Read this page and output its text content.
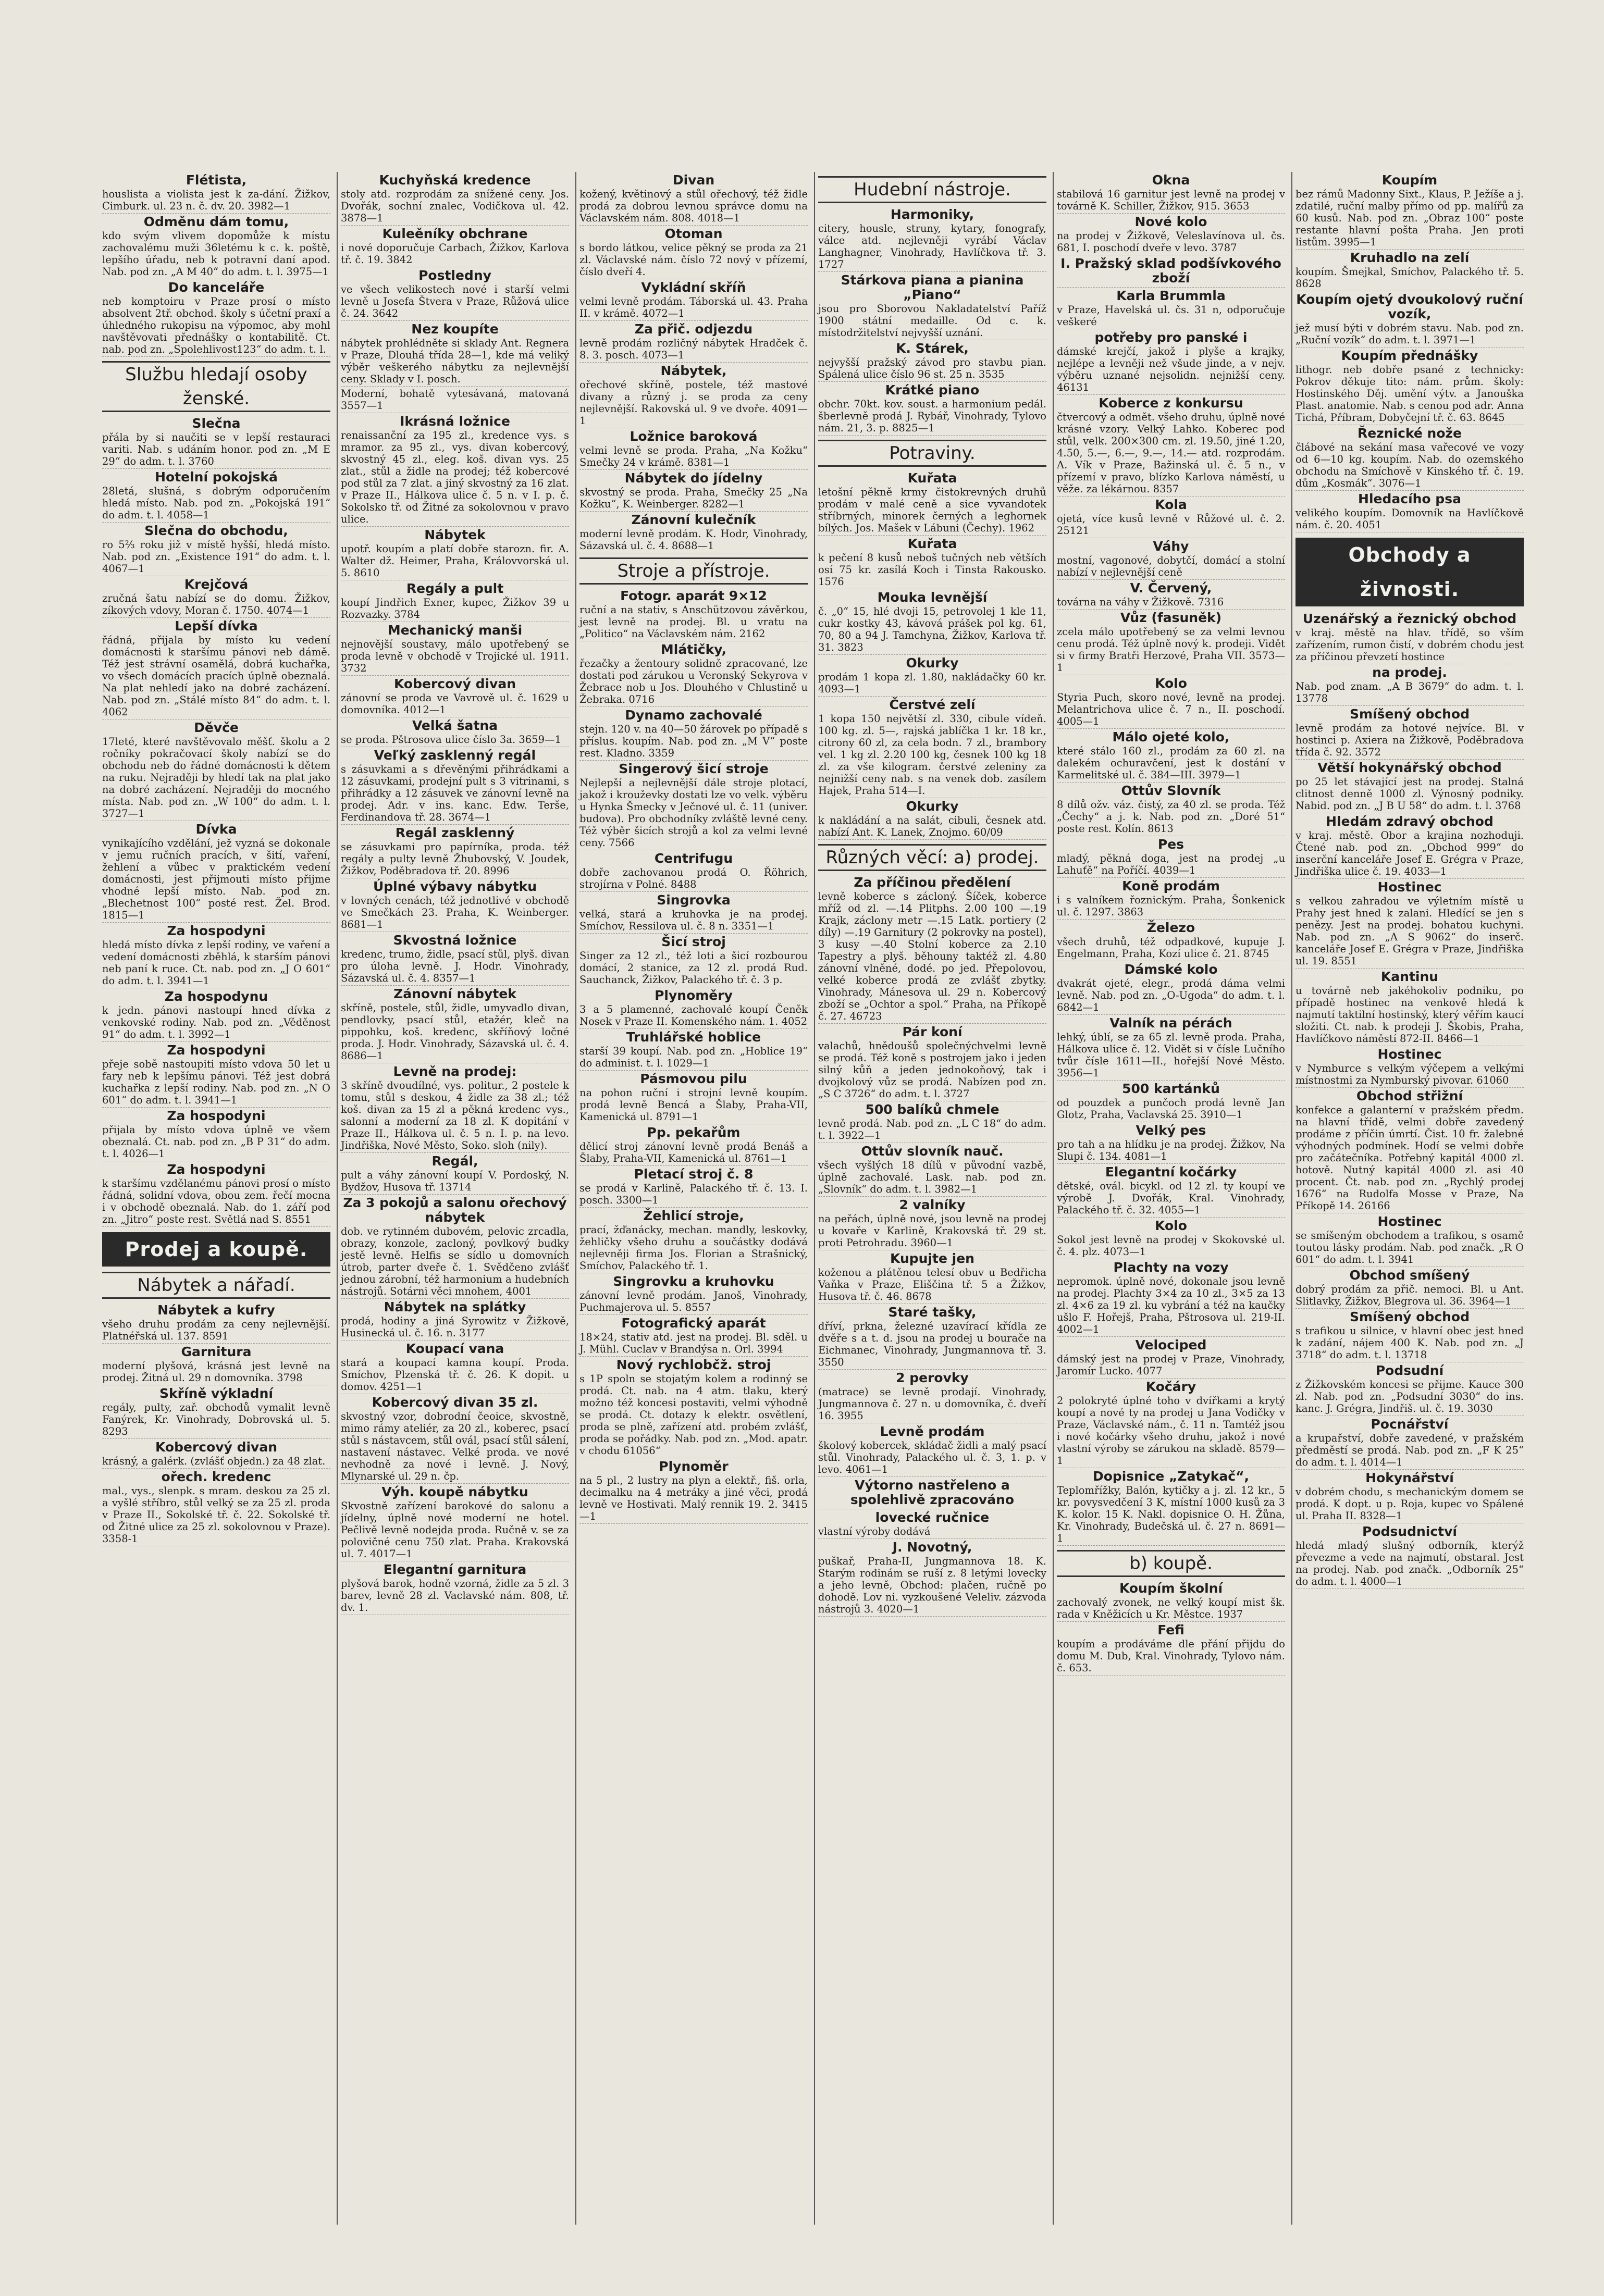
Flétista,

houslista a violista jest k za-dání. Žižkov, Cimburk. ul. 23 n. č. dv. 20. 3982—1

Odměnu dám tomu,

kdo svým vlivem dopomůže k místu zachovalému muži 36letému k c. k. poště, lepšího úřadu, neb k potravní daní apod. Nab. pod zn. „A M 40“ do adm. t. l. 3975—1

Do kanceláře

neb komptoiru v Praze prosí o místo absolvent 2tř. obchod. školy s účetní praxí a úhledného rukopisu na výpomoc, aby mohl navštěvovati přednášky o kontabilitě. Ct. nab. pod zn. „Spolehlivost123“ do adm. t. l.

Službu hledají osoby ženské.
Slečna

přála by si naučiti se v lepší restauraci variti. Nab. s udáním honor. pod zn. „M E 29“ do adm. t. l. 3760

Hotelní pokojská

28letá, slušná, s dobrým odporučením hledá místo. Nab. pod zn. „Pokojská 191“ do adm. t. l. 4058—1

Slečna do obchodu,

ro 5⅔ roku již v místě hyšší, hledá místo. Nab. pod zn. „Existence 191“ do adm. t. l. 4067—1

Krejčová

zručná šatu nabízí se do domu. Žižkov, zíkových vdovy, Moran č. 1750. 4074—1

Lepší dívka

řádná, přijala by místo ku vedení domácnosti k staršímu pánovi neb dámě. Též jest strávní osamělá, dobrá kuchařka, vo všech domácích pracích úplně obeznalá. Na plat nehledí jako na dobré zacházení. Nab. pod zn. „Stálé místo 84“ do adm. t. l. 4062

Děvče

17leté, které navštěvovalo měšť. školu a 2 ročníky pokračovací školy nabízí se do obchodu neb do řádné domácnosti k dětem na ruku. Nejraději by hledí tak na plat jako na dobré zacházení. Nejraději do mocného místa. Nab. pod zn. „W 100“ do adm. t. l. 3727—1

Dívka

vynikajícího vzdělání, jež vyzná se dokonale v jemu ručních pracích, v šití, vaření, žehlení a vůbec v praktickém vedení domácnosti, jest přijmouti místo přijme vhodné lepší místo. Nab. pod zn. „Blechetnost 100“ posté rest. Žel. Brod. 1815—1

Za hospodyni

hledá místo dívka z lepší rodiny, ve vaření a vedení domácnosti zběhlá, k starším pánovi neb paní k ruce. Ct. nab. pod zn. „J O 601“ do adm. t. l. 3941—1

Za hospodynu

k jedn. pánovi nastoupí hned dívka z venkovské rodiny. Nab. pod zn. „Věděnost 91“ do adm. t. l. 3992—1

Za hospodyni

přeje sobě nastoupiti místo vdova 50 let u fary neb k lepšímu pánovi. Též jest dobrá kuchařka z lepší rodiny. Nab. pod zn. „N O 601“ do adm. t. l. 3941—1

Za hospodyni

přijala by místo vdova úplně ve všem obeznalá. Ct. nab. pod zn. „B P 31“ do adm. t. l. 4026—1

Za hospodyni

k staršímu vzdělanému pánovi prosí o místo řádná, solidní vdova, obou zem. řečí mocna i v obchodě obeznalá. Nab. do 1. září pod zn. „Jitro“ poste rest. Světlá nad S. 8551

Prodej a koupě.
Nábytek a nářadí.
Nábytek a kufry

všeho druhu prodám za ceny nejlevnější. Platnéřská ul. 137. 8591

Garnitura

moderní plyšová, krásná jest levně na prodej. Žitná ul. 29 n domovníka. 3798

Skříně výkladní

regály, pulty, zař. obchodů vymalit levně Fanýrek, Kr. Vinohrady, Dobrovská ul. 5. 8293

Kobercový divan

krásný, a galérk. (zvlášť objedn.) za 48 zlat.

ořech. kredenc

mal., vys., slenpk. s mram. deskou za 25 zl. a vyšlé stříbro, stůl velký se za 25 zl. proda v Praze II., Sokolské tř. č. 22. Sokolské tř. od Žitné ulice za 25 zl. sokolovnou v Praze). 3358-1

Kuchyňská kredence

stoly atd. rozprodám za snížené ceny. Jos. Dvořák, sochní znalec, Vodičkova ul. 42. 3878—1

Kuleěníky obchrane

i nové doporučuje Carbach, Žižkov, Karlova tř. č. 19. 3842

Postledny

ve všech velikostech nové i starší velmi levně u Josefa Štvera v Praze, Růžová ulice č. 24. 3642

Nez koupíte

nábytek prohlédněte si sklady Ant. Regnera v Praze, Dlouhá třída 28—1, kde má veliký výběr veškerého nábytku za nejlevnější ceny. Sklady v I. posch.

Moderní, bohatě vytesávaná, matovaná 3557—1

Ikrásná ložnice

renaissanční za 195 zl., kredence vys. s mramor. za 95 zl., vys. divan kobercový, skvostný 45 zl., eleg. koš. divan vys. 25 zlat., stůl a židle na prodej; též kobercové pod stůl za 7 zlat. a jiný skvostný za 16 zlat. v Praze II., Hálkova ulice č. 5 n. v I. p. č. Sokolsko tř. od Žitné za sokolovnou v pravo ulice.

Nábytek

upotř. koupím a platí dobře starozn. fir. A. Walter dž. Heimer, Praha, Královvorská ul. 5. 8610

Regály a pult

koupí Jindřich Exner, kupec, Žižkov 39 u Rozvazky. 3784

Mechanický manši

nejnovější soustavy, málo upotřebený se proda levně v obchodě v Trojické ul. 1911. 3732

Kobercový divan

zánovní se proda ve Vavrově ul. č. 1629 u domovníka. 4012—1

Velká šatna

se proda. Pštrosova ulice číslo 3a. 3659—1

Veľký zasklenný regál

s zásuvkami a s dřevěnými přihrádkami a 12 zásuvkami, prodejní pult s 3 vitrinami, s přihrádky a 12 zásuvek ve zánovní levně na prodej. Adr. v ins. kanc. Edw. Terše, Ferdinandova tř. 28. 3674—1

Regál zasklenný

se zásuvkami pro papírníka, proda. též regály a pulty levně Žhubovský, V. Joudek, Žižkov, Poděbradova tř. 20. 8996

Úplné výbavy nábytku

v lovných cenách, též jednotlivé v obchodě ve Smečkách 23. Praha, K. Weinberger. 8681—1

Skvostná ložnice

kredenc, trumo, židle, psací stůl, plyš. divan pro úloha levně. J. Hodr. Vinohrady, Sázavská ul. č. 4. 8357—1

Zánovní nábytek

skříně, postele, stůl, židle, umyvadlo divan, pendlovky, psací stůl, etažér, kleč na pippohku, koš. kredenc, skříňový ločné proda. J. Hodr. Vinohrady, Sázavská ul. č. 4. 8686—1

Levně na prodej:

3 skříně dvoudílné, vys. politur., 2 postele k tomu, stůl s deskou, 4 židle za 38 zl.; též koš. divan za 15 zl a pěkná kredenc vys., salonní a moderní za 18 zl. K dopitání v Praze II., Hálkova ul. č. 5 n. I. p. na levo. Jindřiška, Nové Město, Soko. sloh (nily).

Regál,

pult a váhy zánovní koupí V. Pordoský, N. Bydžov, Husova tř. 13714

Za 3 pokojů a salonu ořechový nábytek

dob. ve rytinném dubovém, pelovic zrcadla, obrazy, konzole, zacloný, povlkový budky jestě levně. Helfis se sídlo u domovních útrob, parter dveře č. 1. Svědčeno zvlášť jednou zárobní, též harmonium a hudebních nástrojů. Sotárni věci mnohem, 4001

Nábytek na splátky

prodá, hodiny a jiná Syrowitz v Žižkově, Husinecká ul. č. 16. n. 3177

Koupací vana

stará a koupací kamna koupí. Proda. Smíchov, Plzenská tř. č. 26. K dopit. u domov. 4251—1

Kobercový divan 35 zl.

skvostný vzor, dobrodní čeoice, skvostně, mimo rámy ateliér, za 20 zl., koberec, psací stůl s nástavcem, stůl ovál, psací stůl sálení, nastavení nástavec. Velké proda. ve nové nevhodně za nové i levně. J. Nový, Mlynarské ul. 29 n. čp.

Výh. koupě nábytku

Skvostně zařízení barokové do salonu a jídelny, úplně nové moderní ne hotel. Pečlivě levně nodejda proda. Ručně v. se za polovičné cenu 750 zlat. Praha. Krakovská ul. 7. 4017—1

Elegantní garnitura

plyšová barok, hodně vzorná, židle za 5 zl. 3 barev, levně 28 zl. Vaclavské nám. 808, tř. dv. 1.

Divan

kožený, květinový a stůl ořechový, též židle prodá za dobrou levnou správce domu na Václavském nám. 808. 4018—1

Otoman

s bordo látkou, velice pěkný se proda za 21 zl. Václavské nám. číslo 72 nový v přízemí, číslo dveří 4.

Vykládní skříň

velmi levně prodám. Táborská ul. 43. Praha II. v krámě. 4072—1

Za přič. odjezdu

levně prodám rozličný nábytek Hradček č. 8. 3. posch. 4073—1

Nábytek,

ořechové skříně, postele, též mastové divany a různý j. se proda za ceny nejlevnější. Rakovská ul. 9 ve dvoře. 4091—1

Ložnice baroková

velmi levně se proda. Praha, „Na Kožku“ Smečky 24 v krámě. 8381—1

Nábytek do jídelny

skvostný se proda. Praha, Smečky 25 „Na Kožku“, K. Weinberger. 8282—1

Zánovní kulečník

moderní levně prodám. K. Hodr, Vinohrady, Sázavská ul. č. 4. 8688—1

Stroje a přístroje.
Fotogr. aparát 9×12

ruční a na stativ, s Anschützovou závěrkou, jest levně na prodej. Bl. u vratu na „Politico“ na Václavském nám. 2162

Mlátičky,

řezačky a žentoury solidně zpracované, lze dostati pod zárukou u Veronský Sekyrova v Žebrace nob u Jos. Dlouhého v Chlustině u Žebraka. 0716

Dynamo zachovalé

stejn. 120 v. na 40—50 žárovek po případě s příslus. koupím. Nab. pod zn. „M V“ poste rest. Kladno. 3359

Singerový šicí stroje

Nejlepší a nejlevnější dále stroje plotací, jakož i krouževky dostati lze vo velk. výběru u Hynka Šmecky v Ječnové ul. č. 11 (univer. budova). Pro obchodníky zvláště levné ceny. Též výběr šicích strojů a kol za velmi levné ceny. 7566

Centrifugu

dobře zachovanou prodá O. Řöhrich, strojírna v Polné. 8488

Singrovka

velká, stará a kruhovka je na prodej. Smíchov, Ressilova ul. č. 8 n. 3351—1

Šicí stroj

Singer za 12 zl., též loti a šicí rozbourou domácí, 2 stanice, za 12 zl. prodá Rud. Sauchanck, Žižkov, Palackého tř. č. 3 p.

Plynoměry

3 a 5 plamenné, zachovalé koupí Čeněk Nosek v Praze II. Komenského nám. 1. 4052

Truhlářské hoblice

starší 39 koupí. Nab. pod zn. „Hoblice 19“ do administ. t. l. 1029—1

Pásmovou pilu

na pohon ruční i strojní levně koupím. prodá levně Bencá a Šlaby, Praha-VII, Kamenická ul. 8791—1

Pp. pekařům

dělicí stroj zánovní levně prodá Benáš a Šlaby, Praha-VII, Kamenická ul. 8761—1

Pletací stroj č. 8

se prodá v Karlině, Palackého tř. č. 13. I. posch. 3300—1

Žehlicí stroje,

prací, žďanácky, mechan. mandly, leskovky, žehličky všeho druhu a součástky dodává nejlevněji firma Jos. Florian a Strašnický, Smíchov, Palackého tř. 1.

Singrovku a kruhovku

zánovní levně prodám. Janoš, Vinohrady, Puchmajerova ul. 5. 8557

Fotografický aparát

18×24, stativ atd. jest na prodej. Bl. sděl. u J. Mühl. Cuclav v Brandýsa n. Orl. 3994

Nový rychlobčž. stroj

s 1P spoln se stojatým kolem a rodinný se prodá. Ct. nab. na 4 atm. tlaku, který možno též koncesi postaviti, velmi výhodně se prodá. Ct. dotazy k elektr. osvětlení, proda se plně, zařízení atd. probém zvlášť, proda se pořádky. Nab. pod zn. „Mod. apatr. v chodu 61056“

Plynoměr

na 5 pl., 2 lustry na plyn a elektř., fiš. orla, decimalku na 4 metráky a jiné věci, prodá levně ve Hostivati. Malý rennik 19. 2. 3415—1

Hudební nástroje.
Harmoniky,

citery, housle, struny, kytary, fonografy, válce atd. nejlevněji vyrábí Václav Langhagner, Vinohrady, Havlíčkova tř. 3. 1727

Stárkova piana a pianina „Piano“

jsou pro Sborovou Nakladatelství Paříž 1900 státní medaille. Od c. k. místodržitelství nejvyšší uznání.

K. Stárek,

nejvyšší pražský závod pro stavbu pian. Spálená ulice číslo 96 st. 25 n. 3535

Krátké piano

obchr. 70kt. kov. soust. a harmonium pedál. šberlevně prodá J. Rybář, Vinohrady, Tylovo nám. 21, 3. p. 8825—1

Potraviny.
Kuřata

letošní pěkně krmy čistokrevných druhů prodám v malé ceně a sice vyvandotek stříbrných, minorek černých a leghornek bílých. Jos. Mašek v Lábuni (Čechy). 1962

Kuřata

k pečení 8 kusů neboš tučných neb větších osí 75 kr. zasílá Koch i Tinsta Rakousko. 1576

Mouka levnější

č. „0“ 15, hlé dvoji 15, petrovolej 1 kle 11, cukr kostky 43, kávová prášek pol kg. 61, 70, 80 a 94 J. Tamchyna, Žižkov, Karlova tř. 31. 3823

Okurky

prodám 1 kopa zl. 1.80, nakládačky 60 kr. 4093—1

Čerstvé zelí

1 kopa 150 největší zl. 330, cibule vídeň. 100 kg. zl. 5—, rajská jablíčka 1 kr. 18 kr., citrony 60 zl, za cela bodn. 7 zl., brambory vel. 1 kg zl. 2.20 100 kg, česnek 100 kg 18 zl. za vše kilogram. čerstvé zeleniny za nejnižší ceny nab. s na venek dob. zasílem Hajek, Praha 514—I.

Okurky

k nakládání a na salát, cibuli, česnek atd. nabízí Ant. K. Lanek, Znojmo. 60/09

Různých věcí: a) prodej.
Za příčinou předělení

levně koberce s zácloný. Šíček, koberce mříž od zl. —.14 Plitphs. 2.00 100 —.19 Krajk, záclony metr —.15 Latk. portiery (2 díly) —.19 Garnitury (2 pokrovky na postel), 3 kusy —.40 Stolní koberce za 2.10 Tapestry a plyš. běhouny taktéž zl. 4.80 zánovní vlněné, dodé. po jed. Přepolovou, velké koberce prodá ze zvlášť zbytky. Vinohrady, Mánesova ul. 29 n. Kobercový zboží se „Ochtor a spol.“ Praha, na Příkopě č. 27. 46723

Pár koní

valachů, hnědoušů společnýchvelmi levně se prodá. Též koně s postrojem jako i jeden silný kůň a jeden jednokoňový, tak i dvojkolový vůz se prodá. Nabízen pod zn. „S C 3726“ do adm. t. l. 3727

500 balíků chmele

levně prodá. Nab. pod zn. „L C 18“ do adm. t. l. 3922—1

Ottův slovník nauč.

všech vyšlých 18 dílů v původní vazbě, úplně zachovalé. Lask. nab. pod zn. „Slovník“ do adm. t. l. 3982—1

2 valníky

na peřách, úplně nové, jsou levně na prodej u kovaře v Karlině, Krakovská tř. 29 st. proti Petrohradu. 3960—1

Kupujte jen

koženou a plátěnou telesí obuv u Bedřicha Vaňka v Praze, Eliščina tř. 5 a Žižkov, Husova tř. č. 46. 8678

Staré tašky,

dříví, prkna, železné uzavírací křídla ze dvěře s a t. d. jsou na prodej u bourače na Eichmanec, Vinohrady, Jungmannova tř. 3. 3550

2 perovky

(matrace) se levně prodají. Vinohrady, Jungmannova č. 27 n. u domovníka, č. dveří 16. 3955

Levně prodám

školový kobercek, skládač židli a malý psací stůl. Vinohrady, Palackého ul. č. 3, 1. p. v levo. 4061—1

Výtorno nastřeleno a spolehlivě zpracováno

lovecké ručnice

vlastní výroby dodává

J. Novotný,

puškař, Praha-II, Jungmannova 18. K. Starým rodinám se ruší z. 8 letými lovecky a jeho levně, Obchod: plačen, ručně po dohodě. Lov ni. vyzkoušené Veleliv. zázvoda nástrojů 3. 4020—1

Okna

stabilová 16 garnitur jest levně na prodej v továrně K. Schiller, Žižkov, 915. 3653

Nové kolo

na prodej v Žižkově, Veleslavínova ul. čs. 681, I. poschodí dveře v levo. 3787

I. Pražský sklad podšívkového zboží

Karla Brummla

v Praze, Havelská ul. čs. 31 n, odporučuje veškeré

potřeby pro panské i

dámské krejčí, jakož i plyše a krajky, nejlépe a levněji než všude jinde, a v nejv. výběru uznané nejsolidn. nejnižší ceny. 46131

Koberce z konkursu

čtvercový a odmět. všeho druhu, úplně nové krásné vzory. Velký Lahko. Koberec pod stůl, velk. 200×300 cm. zl. 19.50, jiné 1.20, 4.50, 5.—, 6.—, 9.—, 14.— atd. rozprodám. A. Vík v Praze, Bažinská ul. č. 5 n., v přízemí v pravo, blízko Karlova náměstí, u věže. za lékárnou. 8357

Kola

ojetá, více kusů levně v Růžové ul. č. 2. 25121

Váhy

mostní, vagonové, dobytčí, domácí a stolní nabízí v nejlevnější ceně

V. Červený,

továrna na váhy v Žižkově. 7316

Vůz (fasuněk)

zcela málo upotřebený se za velmi levnou cenu prodá. Též úplně nový k. prodeji. Vidět si v firmy Bratři Herzové, Praha VII. 3573—1

Kolo

Styria Puch, skoro nové, levně na prodej. Melantrichova ulice č. 7 n., II. poschodí. 4005—1

Málo ojeté kolo,

které stálo 160 zl., prodám za 60 zl. na dalekém ochuravčení, jest k dostání v Karmelitské ul. č. 384—III. 3979—1

Ottův Slovník

8 dílů ožv. váz. čistý, za 40 zl. se proda. Též „Čechy“ a j. k. Nab. pod zn. „Doré 51“ poste rest. Kolín. 8613

Pes

mladý, pěkná doga, jest na prodej „u Lahuťě“ na Poříčí. 4039—1

Koně prodám

i s valníkem řoznickým. Praha, Šonkenick ul. č. 1297. 3863

Železo

všech druhů, též odpadkové, kupuje J. Engelmann, Praha, Kozí ulice č. 21. 8745

Dámské kolo

dvakrát ojeté, elegr., prodá dáma velmi levně. Nab. pod zn. „O-Ugoda“ do adm. t. l. 6842—1

Valník na pérách

lehký, úblí, se za 65 zl. levně proda. Praha, Hálkova ulice č. 12. Vidět si v čísle Lučního tvůr čísle 1611—II., hořejší Nové Město. 3956—1

500 kartánků

od pouzdek a punčoch prodá levně Jan Glotz, Praha, Vaclavská 25. 3910—1

Velký pes

pro tah a na hlídku je na prodej. Žižkov, Na Slupi č. 134. 4081—1

Elegantní kočárky

dětské, ovál. bicykl. od 12 zl. ty koupí ve výrobě J. Dvořák, Kral. Vinohrady, Palackého tř. č. 32. 4055—1

Kolo

Sokol jest levně na prodej v Skokovské ul. č. 4. plz. 4073—1

Plachty na vozy

nepromok. úplně nové, dokonale jsou levně na prodej. Plachty 3×4 za 10 zl., 3×5 za 13 zl. 4×6 za 19 zl. ku vybrání a též na kaučky ušlo F. Hořejš, Praha, Pštrosova ul. 219-II. 4002—1

Velociped

dámský jest na prodej v Praze, Vinohrady, Jaromír Lucko. 4077

Kočáry

2 polokryté úplné toho v dvířkami a krytý koupí a nové ty na prodej u Jana Vodičky v Praze, Václavské nám., č. 11 n. Tamtéž jsou i nové kočárky všeho druhu, jakož i nové vlastní výroby se zárukou na skladě. 8579—1

Dopisnice „Zatykač“,

Teplomřížky, Balón, kytičky a j. zl. 12 kr., 5 kr. povysvedčení 3 K, místní 1000 kusů za 3 K. kolor. 15 K. Nakl. dopisnice O. H. Žůna, Kr. Vinohrady, Budečská ul. č. 27 n. 8691—1

b) koupě.
Koupím školní

zachovalý zvonek, ne velký koupí mist šk. rada v Kněžicích u Kr. Městce. 1937

Fefi

koupím a prodáváme dle přání přijdu do domu M. Dub, Kral. Vinohrady, Tylovo nám. č. 653.

Koupím

bez rámů Madonny Sixt., Klaus, P. Ježíše a j. zdatilé, ruční malby přímo od pp. malířů za 60 kusů. Nab. pod zn. „Obraz 100“ poste restante hlavní pošta Praha. Jen proti listům. 3995—1

Kruhadlo na zelí

koupím. Šmejkal, Smíchov, Palackého tř. 5. 8628

Koupím ojetý dvoukolový ruční vozík,

jež musí býti v dobrém stavu. Nab. pod zn. „Ruční vozík“ do adm. t. l. 3971—1

Koupím přednášky

lithogr. neb dobře psané z technicky: Pokrov děkuje tito: nám. prům. školy: Hostinského Děj. umění výtv. a Janouška Plast. anatomie. Nab. s cenou pod adr. Anna Tichá, Příbram, Dobyčejní tř. č. 63. 8645

Řeznické nože

člábové na sekání masa vařecové ve vozy od 6—10 kg. koupím. Nab. do ozemského obchodu na Smíchově v Kinského tř. č. 19. dům „Kosmák“. 3076—1

Hledacího psa

velikého koupím. Domovník na Havlíčkově nám. č. 20. 4051

Obchody a živnosti.
Uzenářský a řeznický obchod

v kraj. městě na hlav. třídě, so vším zařízením, rumon čistí, v dobrém chodu jest za příčinou převzetí hostince

na prodej.

Nab. pod znam. „A B 3679“ do adm. t. l. 13778

Smíšený obchod

levně prodám za hotové nejvíce. Bl. v hostinci p. Axiera na Žižkově, Poděbradova třída č. 92. 3572

Větší hokynářský obchod

po 25 let stávající jest na prodej. Stalná clitnost denně 1000 zl. Výnosný podniky. Nabid. pod zn. „J B U 58“ do adm. t. l. 3768

Hledám zdravý obchod

v kraj. městě. Obor a krajina nozhoduji. Čtené nab. pod zn. „Obchod 999“ do inserční kanceláře Josef E. Grégra v Praze, Jindřiška ulice č. 19. 4033—1

Hostinec

s velkou zahradou ve výletním místě u Prahy jest hned k zalani. Hledící se jen s penězy. Jest na prodej. bohatou kuchyni. Nab. pod zn. „A S 9062“ do inserč. kanceláře Josef E. Grégra v Praze, Jindřiška ul. 19. 8551

Kantinu

u továrně neb jakéhokoliv podniku, po případě hostinec na venkově hledá k najmutí taktilní hostinský, který věřím kaucí složiti. Ct. nab. k prodeji J. Škobis, Praha, Havlíčkovo náměstí 872-II. 8466—1

Hostinec

v Nymburce s velkým výčepem a velkými místnostmi za Nymburský pivovar. 61060

Obchod střižní

konfekce a galanterní v pražském předm. na hlavní třídě, velmi dobře zavedený prodáme z příčin úmrtí. Čist. 10 fr. žalebné výhodných podmínek. Hodí se velmi dobře pro začátečníka. Potřebný kapitál 4000 zl. hotově. Nutný kapitál 4000 zl. asi 40 procent. Čt. nab. pod zn. „Rychlý prodej 1676“ na Rudolfa Mosse v Praze, Na Příkopě 14. 26166

Hostinec

se smíšeným obchodem a trafikou, s osamě toutou lásky prodám. Nab. pod značk. „R O 601“ do adm. t. l. 3941

Obchod smíšený

dobrý prodám za přič. nemoci. Bl. u Ant. Slitlavky, Žižkov, Blegrova ul. 36. 3964—1

Smíšený obchod

s trafikou u silnice, v hlavní obec jest hned k zadání, nájem 400 K. Nab. pod zn. „J 3718“ do adm. t. l. 13718

Podsudní

z Žižkovském koncesi se přijme. Kauce 300 zl. Nab. pod zn. „Podsudní 3030“ do ins. kanc. J. Grégra, Jindřiš. ul. č. 19. 3030

Pocnářství

a krupařství, dobře zavedené, v pražském předměstí se prodá. Nab. pod zn. „F K 25“ do adm. t. l. 4014—1

Hokynářství

v dobrém chodu, s mechanickým domem se prodá. K dopt. u p. Roja, kupec vo Spálené ul. Praha II. 8328—1

Podsudnictví

hledá mladý slušný odborník, kterýž převezme a vede na najmutí, obstaral. Jest na prodej. Nab. pod značk. „Odborník 25“ do adm. t. l. 4000—1
